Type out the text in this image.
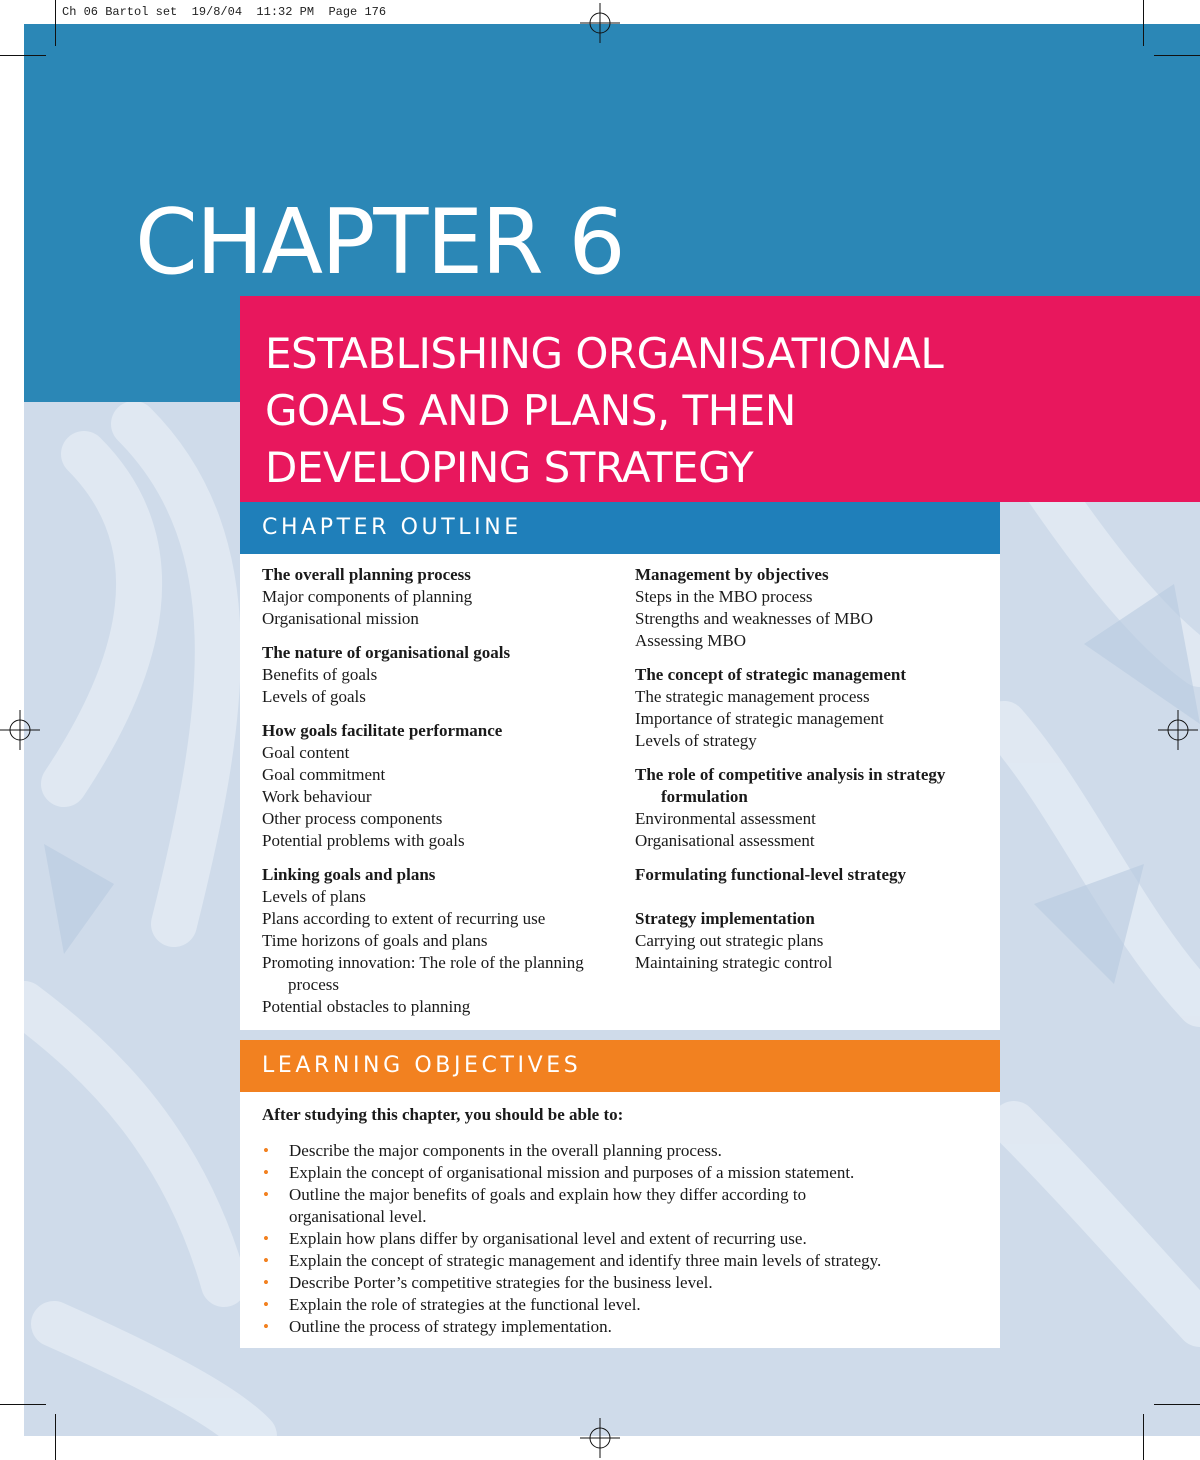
Ch 06 Bartol set  19/8/04  11:32 PM  Page 176
CHAPTER 6
ESTABLISHING ORGANISATIONAL
GOALS AND PLANS, THEN
DEVELOPING STRATEGY
CHAPTER OUTLINE
The overall planning process
Major components of planning
Organisational mission
The nature of organisational goals
Benefits of goals
Levels of goals
How goals facilitate performance
Goal content
Goal commitment
Work behaviour
Other process components
Potential problems with goals
Linking goals and plans
Levels of plans
Plans according to extent of recurring use
Time horizons of goals and plans
Promoting innovation: The role of the planning process
Potential obstacles to planning
Management by objectives
Steps in the MBO process
Strengths and weaknesses of MBO
Assessing MBO
The concept of strategic management
The strategic management process
Importance of strategic management
Levels of strategy
The role of competitive analysis in strategy formulation
Environmental assessment
Organisational assessment
Formulating functional-level strategy
Strategy implementation
Carrying out strategic plans
Maintaining strategic control
LEARNING OBJECTIVES
After studying this chapter, you should be able to:
• Describe the major components in the overall planning process.
• Explain the concept of organisational mission and purposes of a mission statement.
• Outline the major benefits of goals and explain how they differ according to organisational level.
• Explain how plans differ by organisational level and extent of recurring use.
• Explain the concept of strategic management and identify three main levels of strategy.
• Describe Porter’s competitive strategies for the business level.
• Explain the role of strategies at the functional level.
• Outline the process of strategy implementation.
